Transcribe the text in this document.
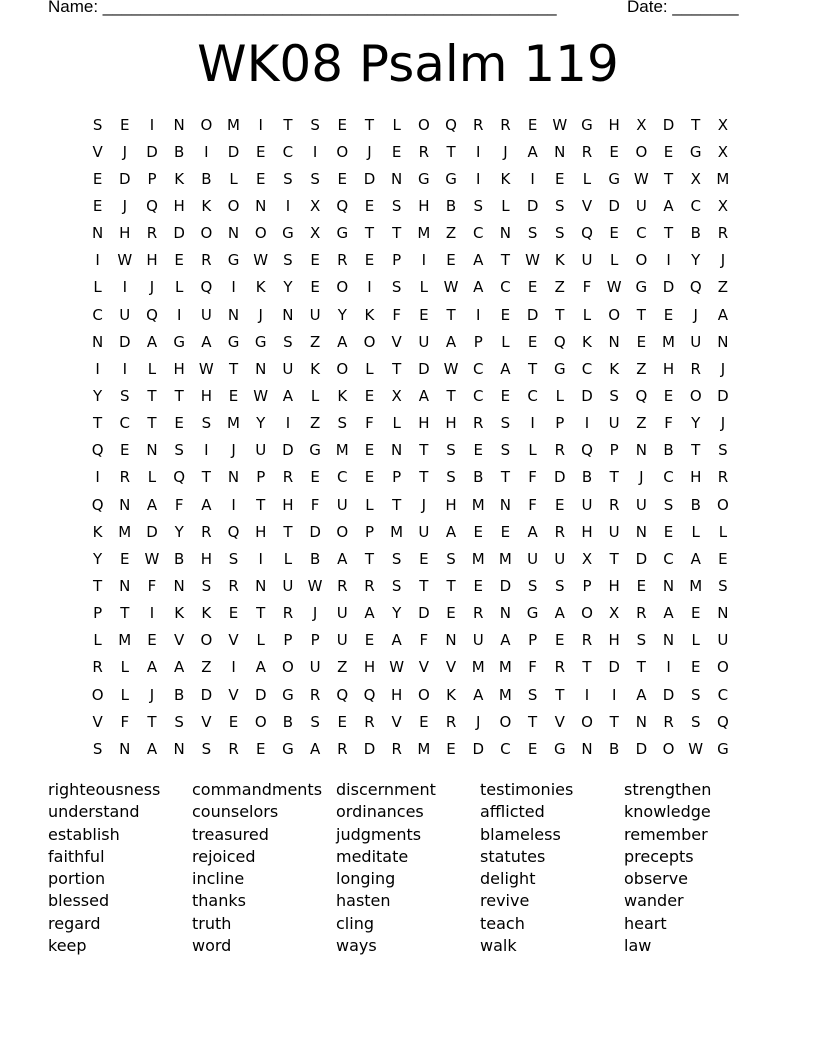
Name: ________________________________________________	Date: _______
WK08 Psalm 119
S	E	I	N	O M	I	T	S	E	T	L	O	Q	R	R	E	W G	H	X	D	T	X
V	J	D	B	I	D	E	C	I	O	J	E	R	T	I	J	A	N	R	E	O	E	G	X
E	D	P	K	B	L	E	S	S	E	D	N	G	G	I	K	I	E	L	G W	T	X	M
E	J	Q	H	K	O	N	I	X	Q	E	S	H	B	S	L	D	S	V	D	U	A	C	X
N	H	R	D	O	N	O	G	X	G	T	T	M	Z	C	N	S	S	Q	E	C	T	B	R
I	W H	E	R	G W	S	E	R	E	P	I	E	A	T	W K	U	L	O	I	Y	J
L	I	J	L	Q	I	K	Y	E	O	I	S	L	W A	C	E	Z	F	W G	D	Q	Z
C	U	Q	I	U	N	J	N	U	Y	K	F	E	T	I	E	D	T	L	O	T	E	J	A
N	D	A	G	A	G	G	S	Z	A	O	V	U	A	P	L	E	Q	K	N	E	M	U	N
I	I	L	H W	T	N	U	K	O	L	T	D W C	A	T	G	C	K	Z	H	R	J
Y	S	T	T	H	E	W A	L	K	E	X	A	T	C	E	C	L	D	S	Q	E	O	D
T	C	T	E	S	M	Y	I	Z	S	F	L	H	H	R	S	I	P	I	U	Z	F	Y	J
Q	E	N	S	I	J	U	D	G M	E	N	T	S	E	S	L	R	Q	P	N	B	T	S
I	R	L	Q	T	N	P	R	E	C	E	P	T	S	B	T	F	D	B	T	J	C	H	R
Q	N	A	F	A	I	T	H	F	U	L	T	J	H	M	N	F	E	U	R	U	S	B	O
K	M D	Y	R	Q	H	T	D	O	P	M	U	A	E	E	A	R	H	U	N	E	L	L
Y	E	W B	H	S	I	L	B	A	T	S	E	S	M M	U	U	X	T	D	C	A	E
T	N	F	N	S	R	N	U W R	R	S	T	T	E	D	S	S	P	H	E	N	M	S
P	T	I	K	K	E	T	R	J	U	A	Y	D	E	R	N	G	A	O	X	R	A	E	N
L	M	E	V	O	V	L	P	P	U	E	A	F	N	U	A	P	E	R	H	S	N	L	U
R	L	A	A	Z	I	A	O	U	Z	H W V	V	M M	F	R	T	D	T	I	E	O
O	L	J	B	D	V	D	G	R	Q	Q	H	O	K	A	M	S	T	I	I	A	D	S	C
V	F	T	S	V	E	O	B	S	E	R	V	E	R	J	O	T	V	O	T	N	R	S	Q
S	N	A	N	S	R	E	G	A	R	D	R	M	E	D	C	E	G	N	B	D	O W G
righteousness
understand
establish
faithful
portion
blessed
regard
keep
commandments
counselors
treasured
rejoiced
incline
thanks
truth
word
discernment
ordinances
judgments
meditate
longing
hasten
cling
ways
testimonies
afflicted
blameless
statutes
delight
revive
teach
walk
strengthen
knowledge
remember
precepts
observe
wander
heart
law
